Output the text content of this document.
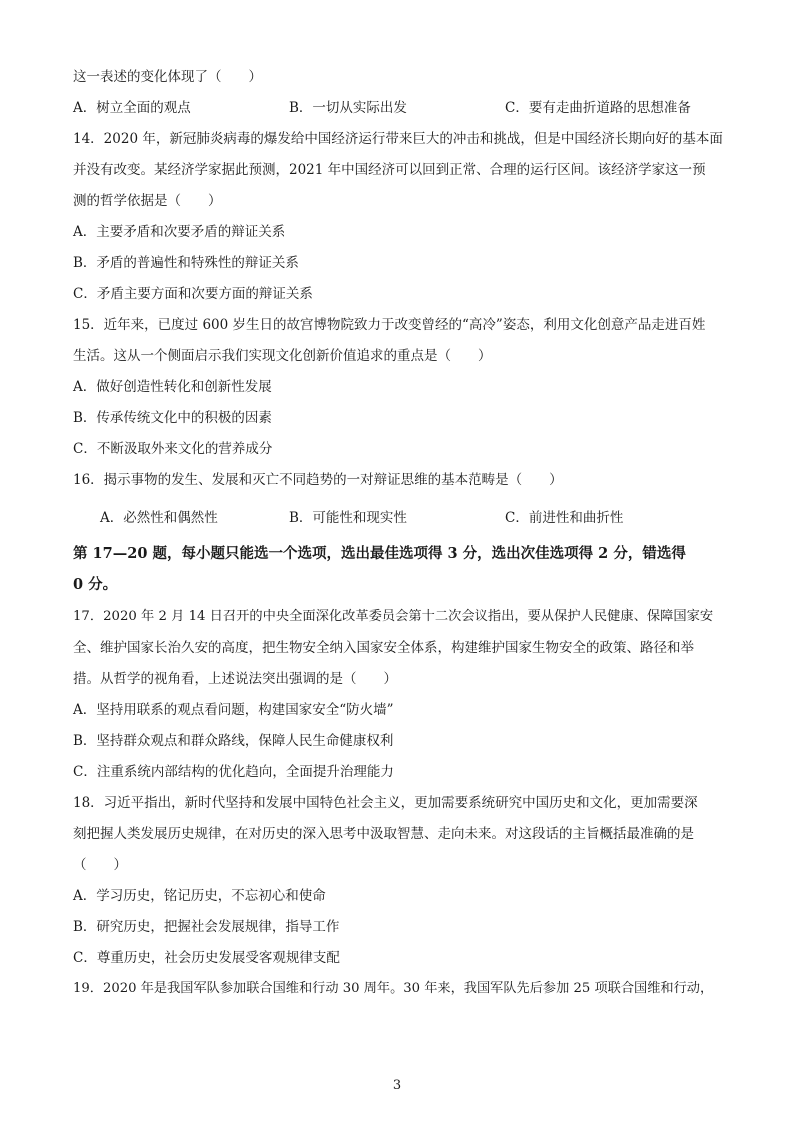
这一表述的变化体现了（　　）
A．树立全面的观点	B．一切从实际出发	C．要有走曲折道路的思想准备
14．2020 年，新冠肺炎病毒的爆发给中国经济运行带来巨大的冲击和挑战，但是中国经济长期向好的基本面
并没有改变。某经济学家据此预测，2021 年中国经济可以回到正常、合理的运行区间。该经济学家这一预
测的哲学依据是（　　）
A．主要矛盾和次要矛盾的辩证关系
B．矛盾的普遍性和特殊性的辩证关系
C．矛盾主要方面和次要方面的辩证关系
15．近年来，已度过 600 岁生日的故宫博物院致力于改变曾经的“高冷”姿态，利用文化创意产品走进百姓
生活。这从一个侧面启示我们实现文化创新价值追求的重点是（　　）
A．做好创造性转化和创新性发展
B．传承传统文化中的积极的因素
C．不断汲取外来文化的营养成分
16．揭示事物的发生、发展和灭亡不同趋势的一对辩证思维的基本范畴是（　　）
A．必然性和偶然性	B．可能性和现实性	C．前进性和曲折性
第 17—20 题，每小题只能选一个选项，选出最佳选项得 3 分，选出次佳选项得 2 分，错选得
0 分。
17．2020 年 2 月 14 日召开的中央全面深化改革委员会第十二次会议指出，要从保护人民健康、保障国家安
全、维护国家长治久安的高度，把生物安全纳入国家安全体系，构建维护国家生物安全的政策、路径和举
措。从哲学的视角看，上述说法突出强调的是（　　）
A．坚持用联系的观点看问题，构建国家安全“防火墙”
B．坚持群众观点和群众路线，保障人民生命健康权利
C．注重系统内部结构的优化趋向，全面提升治理能力
18．习近平指出，新时代坚持和发展中国特色社会主义，更加需要系统研究中国历史和文化，更加需要深
刻把握人类发展历史规律，在对历史的深入思考中汲取智慧、走向未来。对这段话的主旨概括最准确的是
（　　）
A．学习历史，铭记历史，不忘初心和使命
B．研究历史，把握社会发展规律，指导工作
C．尊重历史，社会历史发展受客观规律支配
19．2020 年是我国军队参加联合国维和行动 30 周年。30 年来，我国军队先后参加 25 项联合国维和行动，
3
